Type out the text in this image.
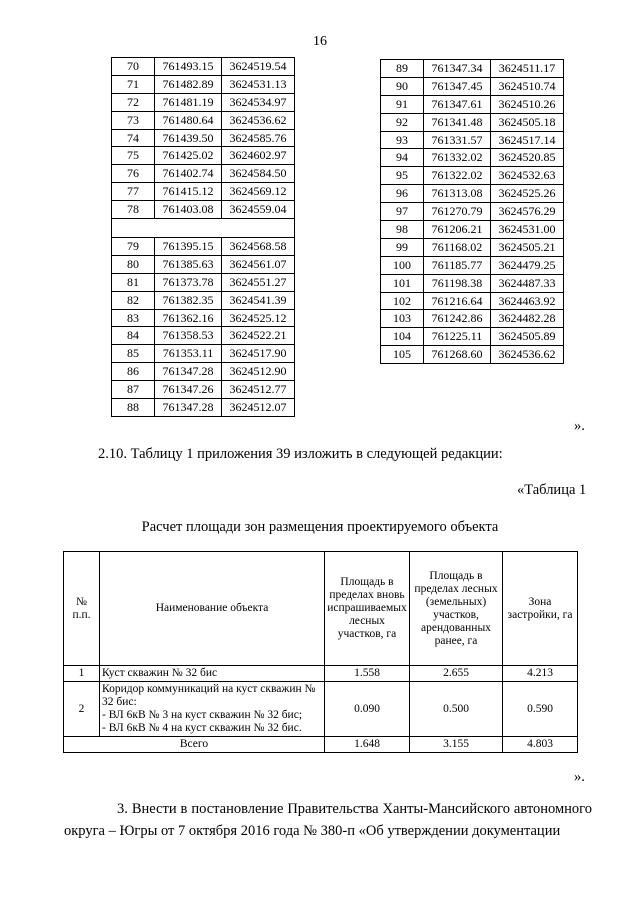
16
70	761493.15	3624519.54
71	761482.89	3624531.13
72	761481.19	3624534.97
73	761480.64	3624536.62
74	761439.50	3624585.76
75	761425.02	3624602.97
76	761402.74	3624584.50
77	761415.12	3624569.12
78	761403.08	3624559.04

79	761395.15	3624568.58
80	761385.63	3624561.07
81	761373.78	3624551.27
82	761382.35	3624541.39
83	761362.16	3624525.12
84	761358.53	3624522.21
85	761353.11	3624517.90
86	761347.28	3624512.90
87	761347.26	3624512.77
88	761347.28	3624512.07
89	761347.34	3624511.17
90	761347.45	3624510.74
91	761347.61	3624510.26
92	761341.48	3624505.18
93	761331.57	3624517.14
94	761332.02	3624520.85
95	761322.02	3624532.63
96	761313.08	3624525.26
97	761270.79	3624576.29
98	761206.21	3624531.00
99	761168.02	3624505.21
100	761185.77	3624479.25
101	761198.38	3624487.33
102	761216.64	3624463.92
103	761242.86	3624482.28
104	761225.11	3624505.89
105	761268.60	3624536.62
».
2.10. Таблицу 1 приложения 39 изложить в следующей редакции:
«Таблица 1
Расчет площади зон размещения проектируемого объекта
№ п.п.	Наименование объекта	Площадь в пределах вновь испрашиваемых лесных участков, га	Площадь в пределах лесных (земельных) участков, арендованных ранее, га	Зона застройки, га
1	Куст скважин № 32 бис	1.558	2.655	4.213
2	Коридор коммуникаций на куст скважин № 32 бис:
- ВЛ 6кВ № 3 на куст скважин № 32 бис;
- ВЛ 6кВ № 4 на куст скважин № 32 бис.	0.090	0.500	0.590
Всего		1.648	3.155	4.803
».
3. Внести в постановление Правительства Ханты-Мансийского автономного округа – Югры от 7 октября 2016 года № 380-п «Об утверждении документации
